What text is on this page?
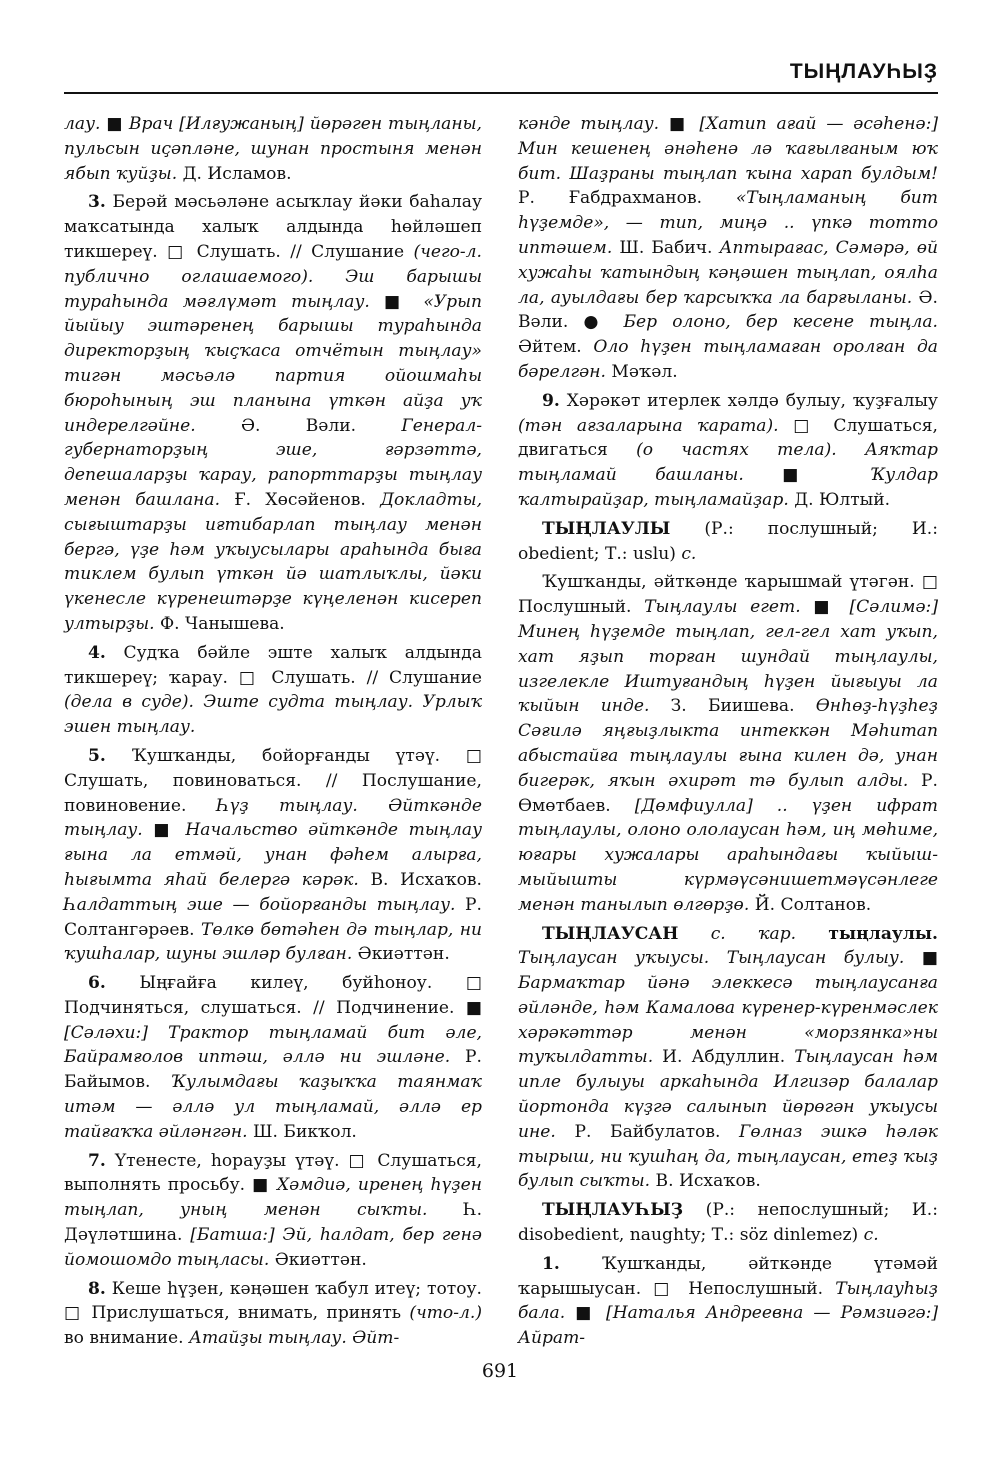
ТЫҢЛАУҺЫҘ

лау. ■ Врач [Илғужаның] йөрәген тыңланы, пульсын иҫәпләне, шунан простыня менән ябып ҡуйҙы. Д. Исламов.

3. Берәй мәсьәләне асыҡлау йәки баһалау маҡсатында халыҡ алдында һөйләшеп тикшереү. □ Слушать. // Слушание (чего-л. публично оглашаемого). Эш барышы тураһында мәғлүмәт тыңлау. ■ «Урып йыйыу эштәренең барышы тураһында директорҙың ҡыҫҡаса отчётын тыңлау» тигән мәсьәлә партия ойошмаһы бюроһының эш планына үткән айҙа уҡ индерелгәйне. Ә. Вәли. Генерал-губернаторҙың эше, ғәрзәттә, депешаларҙы ҡарау, рапорттарҙы тыңлау менән башлана. Ғ. Хөсәйенов. Докладты, сығыштарҙы иғтибарлап тыңлау менән бергә, үҙе һәм уҡыусылары араһында быға тиклем булып үткән йә шатлыҡлы, йәки үкенесле күренештәрҙе күңеленән кисереп ултырҙы. Ф. Чанышева.

4. Судҡа бәйле эште халыҡ алдында тикшереү; ҡарау. □ Слушать. // Слушание (дела в суде). Эште судта тыңлау. Урлыҡ эшен тыңлау.

5. Ҡушҡанды, бойорғанды үтәү. □ Слушать, повиноваться. // Послушание, повиновение. Һүҙ тыңлау. Әйткәнде тыңлау. ■ Начальство әйткәнде тыңлау ғына ла етмәй, унан фәһем алырға, һығымта яһай белергә кәрәк. В. Исхаҡов. Һалдаттың эше — бойорғанды тыңлау. Р. Солтангәрәев. Төлкө бөтәһен дә тыңлар, ни ҡушһалар, шуны эшләр булған. Әкиәттән.

6. Ыңғайға килеү, буйһоноу. □ Подчиняться, слушаться. // Подчинение. ■ [Сәләхи:] Трактор тыңламай бит әле, Байрамғолов иптәш, әллә ни эшләне. Р. Байымов. Ҡулымдағы ҡаҙыҡҡа таянмаҡ итәм — әллә ул тыңламай, әллә ер тайғаҡҡа әйләнгән. Ш. Бикҡол.

7. Үтенесте, һорауҙы үтәү. □ Слушаться, выполнять просьбу. ■ Хәмдиә, иренең һүҙен тыңлап, уның менән сыҡты. Һ. Дәүләтшина. [Батша:] Эй, һалдат, бер генә йомошомдо тыңласы. Әкиәттән.

8. Кеше һүҙен, кәңәшен ҡабул итеү; тотоу. □ Прислушаться, внимать, принять (что-л.) во внимание. Атайҙы тыңлау. Әйт-

кәнде тыңлау. ■ [Хатип ағай — әсәһенә:] Мин кешенең әнәһенә лә ҡағылғаным юҡ бит. Шаҙраны тыңлап ҡына харап булдым! Р. Ғабдрахманов. «Тыңламаның бит һүҙемде», — тип, миңә .. үпкә тотто иптәшем. Ш. Бабич. Аптырағас, Сәмәрә, өй хужаһы ҡатындың кәңәшен тыңлап, оялһа ла, ауылдағы бер ҡарсыҡҡа ла барғыланы. Ә. Вәли. ● Бер олоно, бер кесене тыңла. Әйтем. Оло һүҙен тыңламаған оролған да бәрелгән. Мәҡәл.

9. Хәрәкәт итерлек хәлдә булыу, ҡуҙғалыу (тән ағзаларына ҡарата). □ Слушаться, двигаться (о частях тела). Аяҡтар тыңламай башланы. ■ Ҡулдар ҡалтырайҙар, тыңламайҙар. Д. Юлтый.

ТЫҢЛАУЛЫ (Р.: послушный; И.: obedient; Т.: uslu) с.

Ҡушҡанды, әйткәнде ҡарышмай үтәгән. □ Послушный. Тыңлаулы егет. ■ [Сәлимә:] Минең һүҙемде тыңлап, гел-гел хат уҡып, хат яҙып торған шундай тыңлаулы, изгелекле Иштуғандың һүҙен йығыуы ла ҡыйын инде. З. Биишева. Өнһөҙ-һүҙһеҙ Сәғилә яңғыҙлыкта интеккән Мәһитап абыстайға тыңлаулы ғына килен дә, унан бигерәк, яҡын әхирәт тә булып алды. Р. Өмөтбаев. [Дөмфиулла] .. үҙен ифрат тыңлаулы, олоно ололаусан һәм, иң мөһиме, юғары хужалары араһындағы ҡыйыш-мыйышты күрмәүсәнишетмәүсәнлеге менән танылып өлгөрҙө. Й. Солтанов.

ТЫҢЛАУСАН с. ҡар. тыңлаулы. Тыңлаусан уҡыусы. Тыңлаусан булыу. ■ Бармаҡтар йәнә элеккесә тыңлаусанға әйләнде, һәм Камалова күренер-күренмәслек хәрәкәттәр менән «морзянка»ны туҡылдатты. И. Абдуллин. Тыңлаусан һәм иплe булыуы аркаһында Илгизәр балалар йортонда күҙгә салынып йөрөгән уҡыусы ине. Р. Байбулатов. Гөлназ эшкә һәләк тырыш, ни ҡушһаң да, тыңлаусан, етеҙ ҡыҙ булып сыҡты. В. Исхаҡов.

ТЫҢЛАУҺЫҘ (Р.: непослушный; И.: disobedient, naughty; Т.: söz dinlemez) с.

1. Ҡушҡанды, әйткәнде үтәмәй ҡарышыусан. □ Непослушный. Тыңлауһыҙ бала. ■ [Наталья Андреевна — Рәмзиәгә:] Айрат-

691
